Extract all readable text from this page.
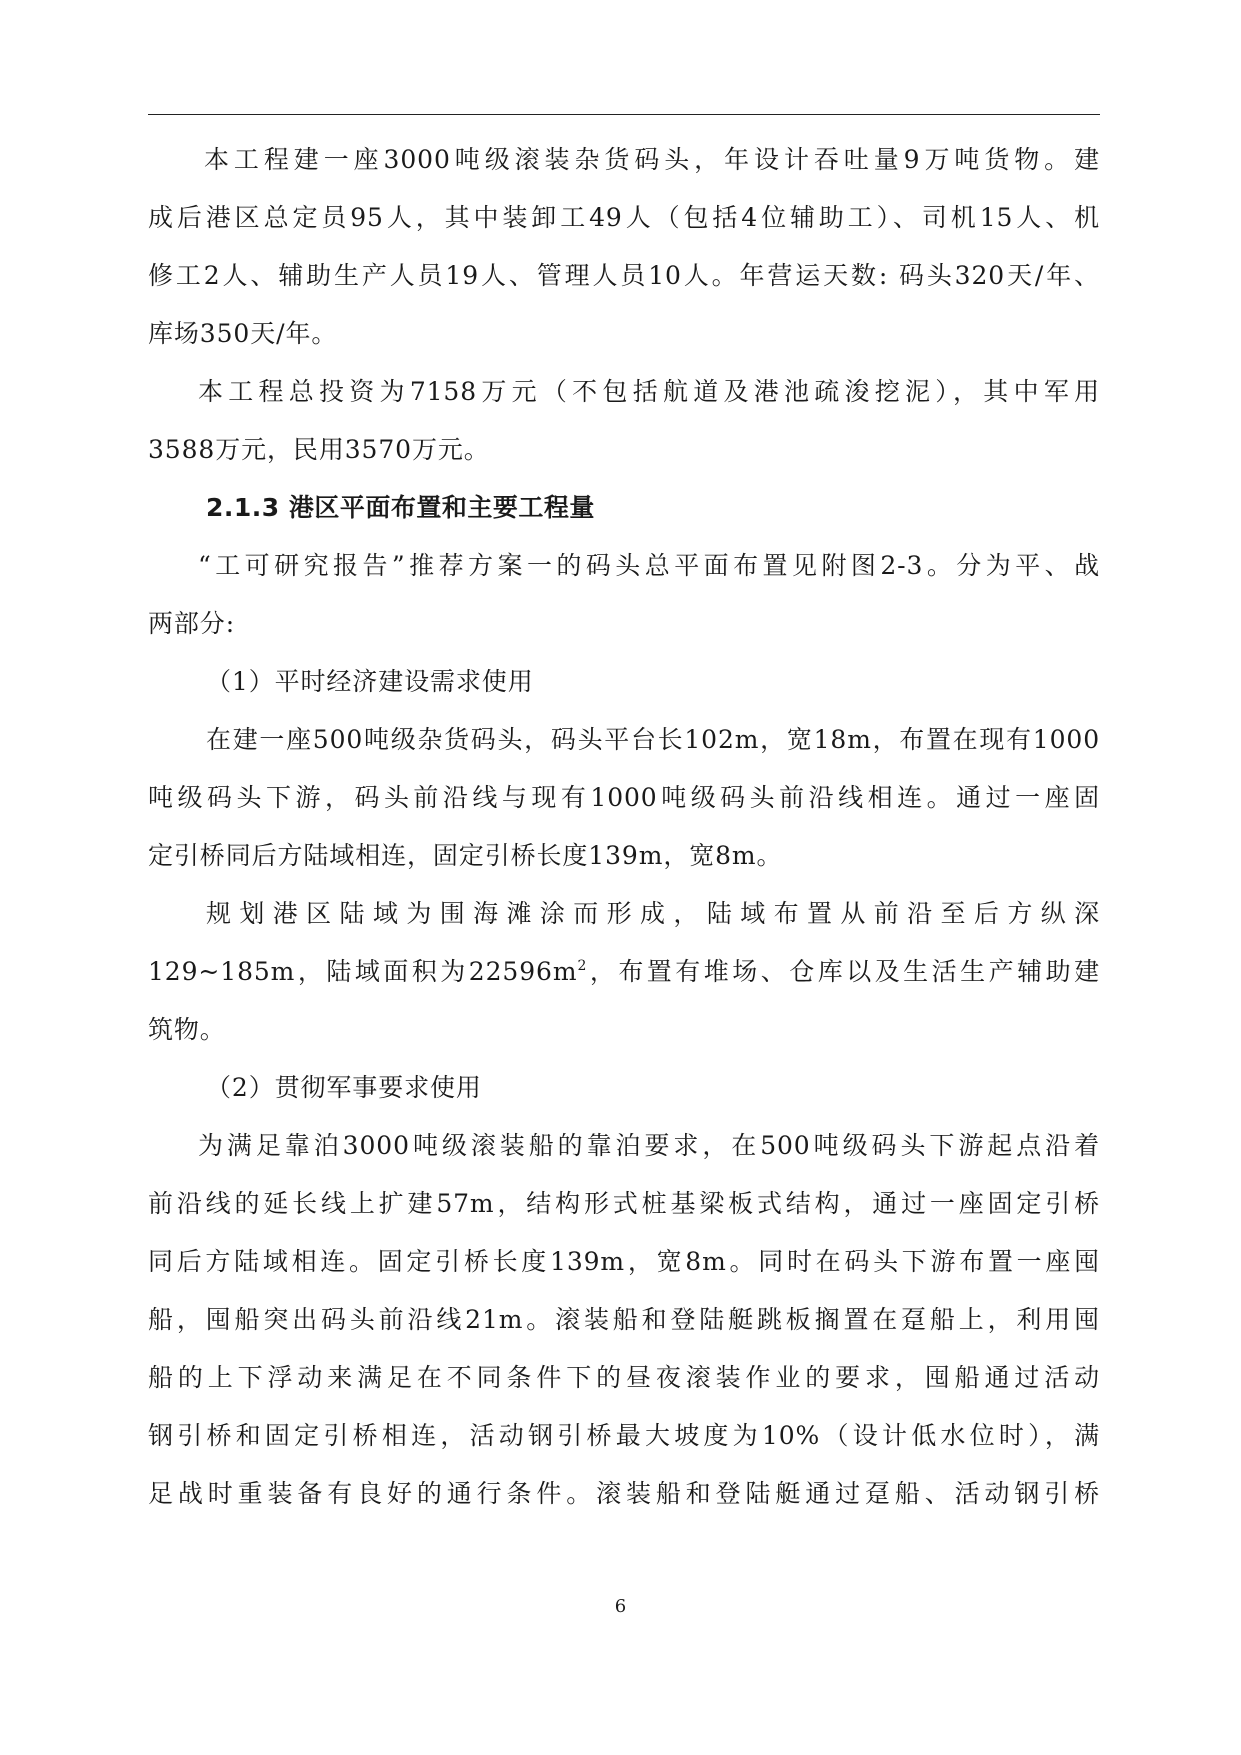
本工程建一座3000吨级滚装杂货码头，年设计吞吐量9万吨货物。建
成后港区总定员95人，其中装卸工49人（包括4位辅助工）、司机15人、机
修工2人、辅助生产人员19人、管理人员10人。年营运天数: 码头320天/年、
库场350天/年。
本工程总投资为7158万元（不包括航道及港池疏浚挖泥），其中军用
3588万元，民用3570万元。
2.1.3 港区平面布置和主要工程量
“工可研究报告”推荐方案一的码头总平面布置见附图2-3。分为平、战
两部分:
（1）平时经济建设需求使用
在建一座500吨级杂货码头，码头平台长102m，宽18m，布置在现有1000
吨级码头下游，码头前沿线与现有1000吨级码头前沿线相连。通过一座固
定引桥同后方陆域相连，固定引桥长度139m，宽8m。
规划港区陆域为围海滩涂而形成，陆域布置从前沿至后方纵深
129~185m，陆域面积为$22596m^2$，布置有堆场、仓库以及生活生产辅助建
筑物。
（2）贯彻军事要求使用
为满足靠泊3000吨级滚装船的靠泊要求，在500吨级码头下游起点沿着
前沿线的延长线上扩建57m，结构形式桩基梁板式结构，通过一座固定引桥
同后方陆域相连。固定引桥长度139m，宽8m。同时在码头下游布置一座囤
船，囤船突出码头前沿线21m。滚装船和登陆艇跳板搁置在趸船上，利用囤
船的上下浮动来满足在不同条件下的昼夜滚装作业的要求，囤船通过活动
钢引桥和固定引桥相连，活动钢引桥最大坡度为10%（设计低水位时），满
足战时重装备有良好的通行条件。滚装船和登陆艇通过趸船、活动钢引桥
6
